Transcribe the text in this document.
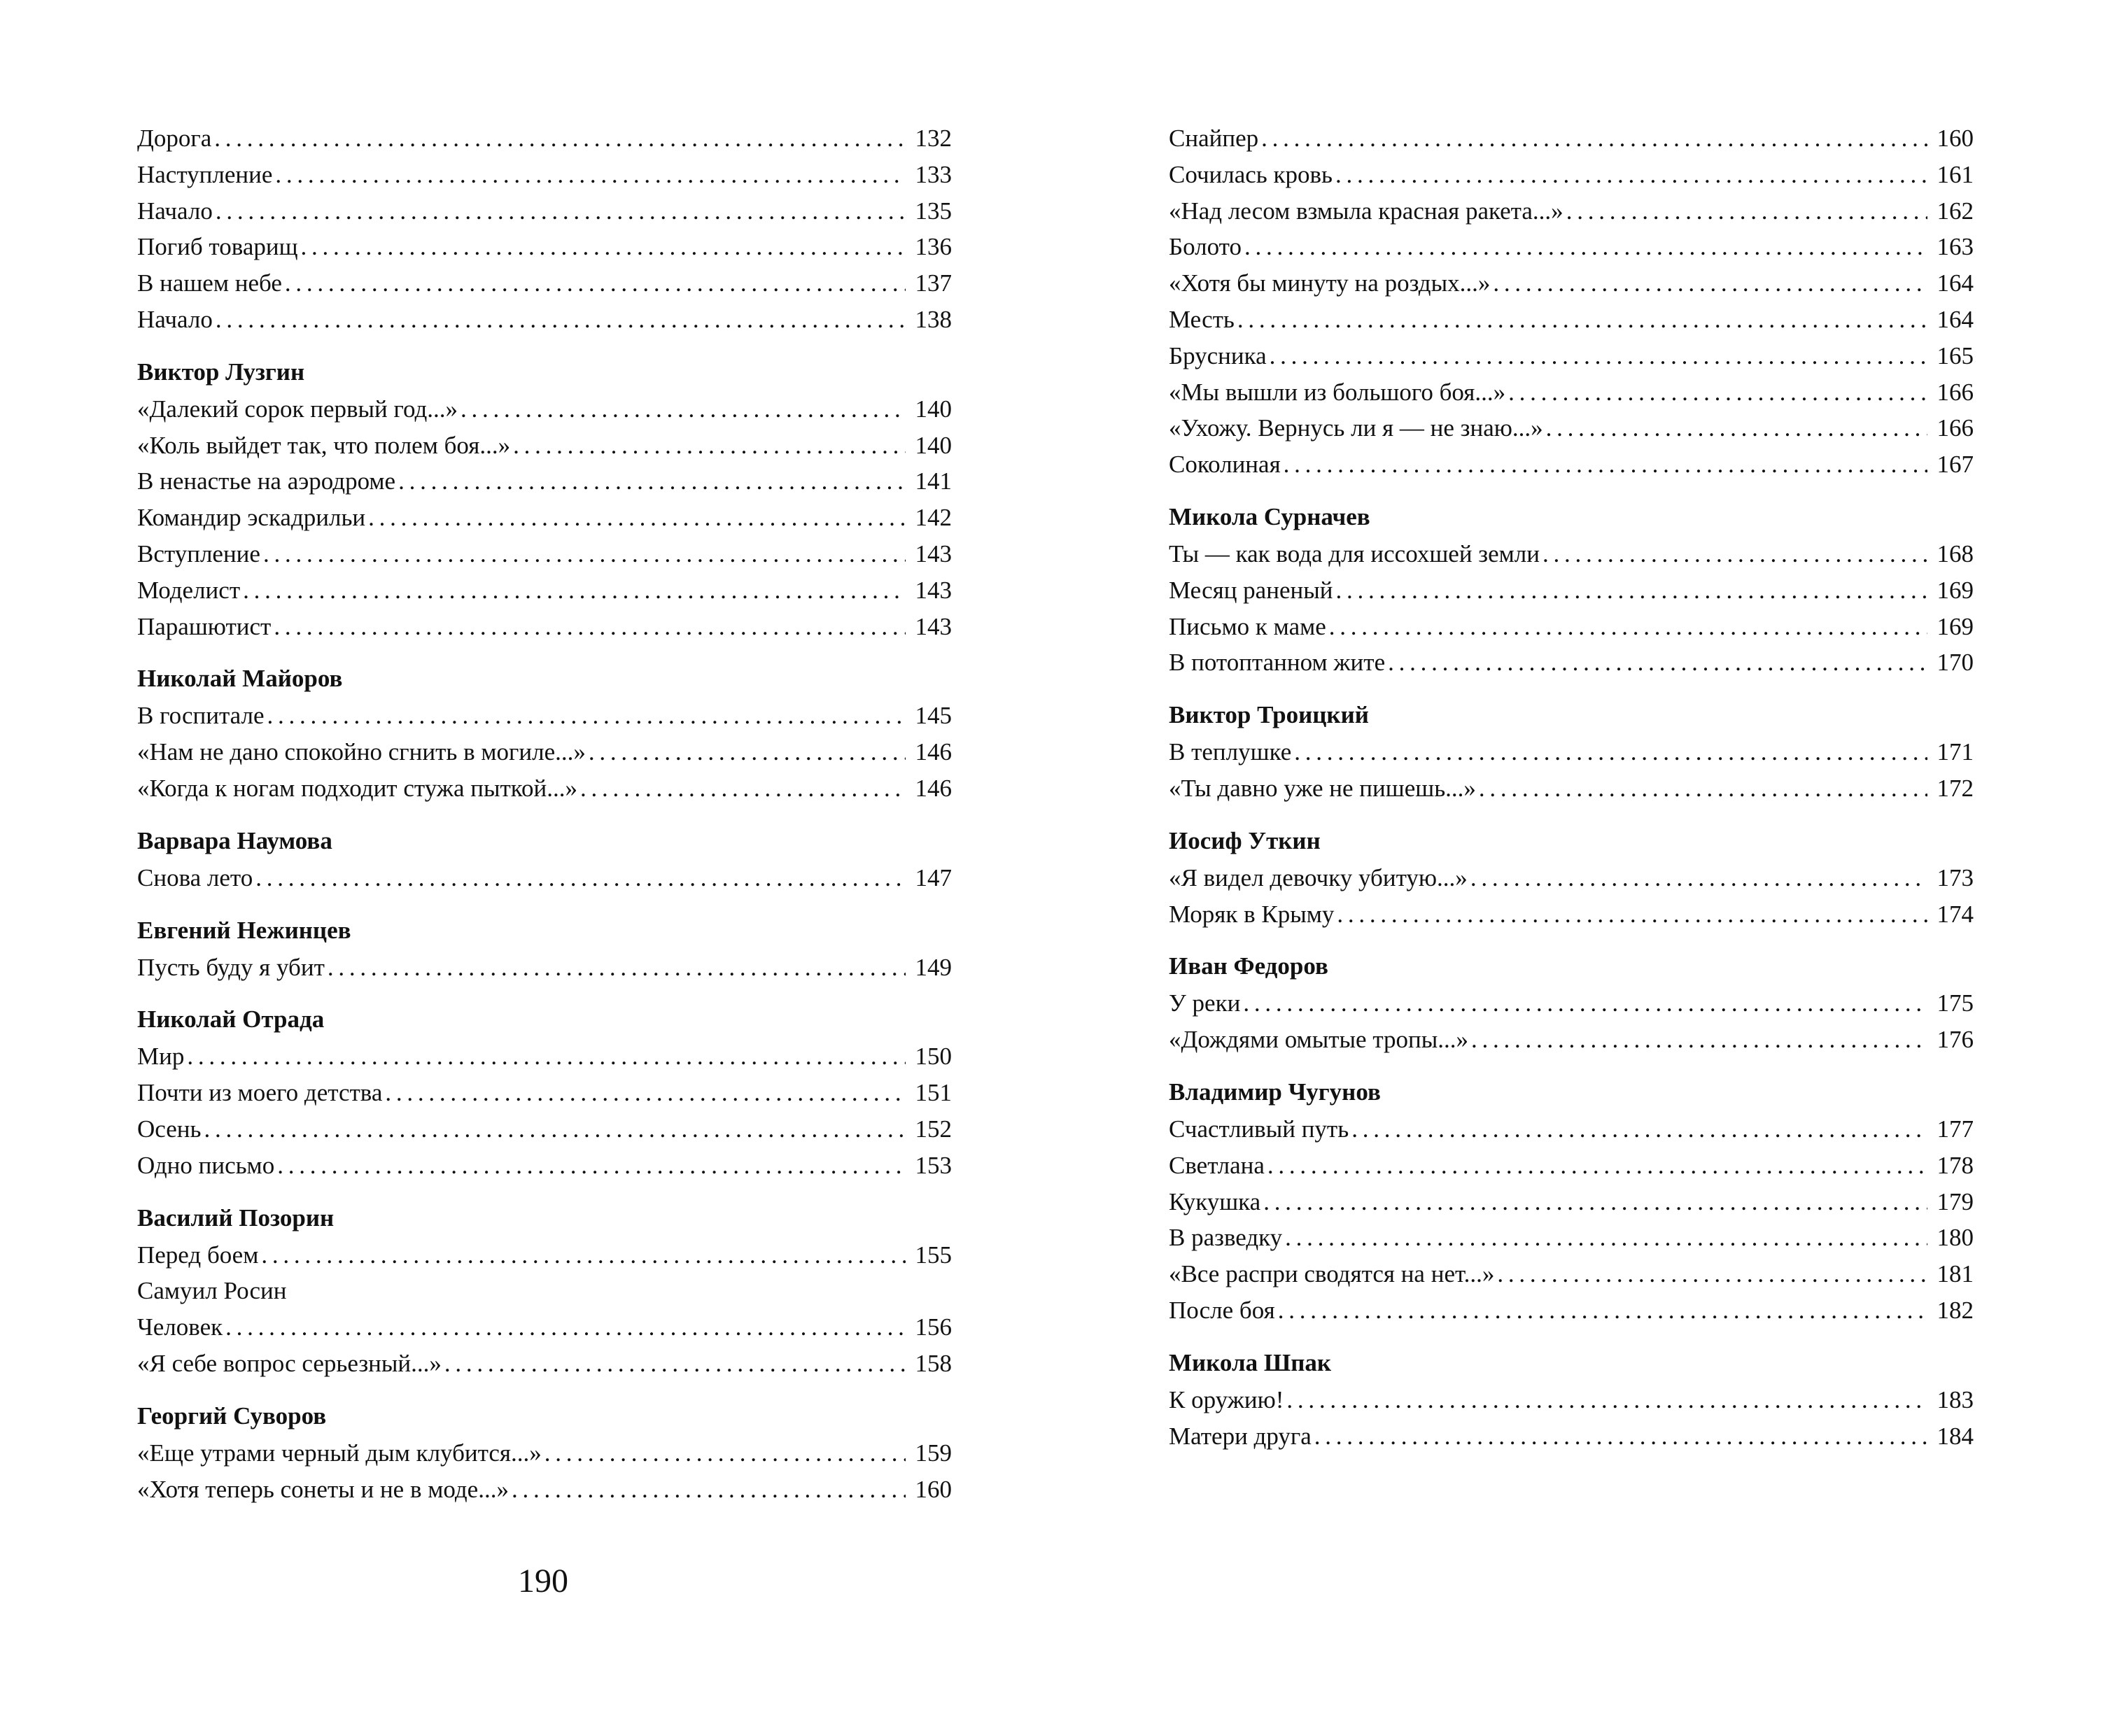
Дорога . . .	132
Наступление . . .	133
Начало . . .	135
Погиб товарищ . . .	136
В нашем небе . . .	137
Начало . . .	138
Виктор Лузгин
«Далекий сорок первый год...» . . .	140
«Коль выйдет так, что полем боя...» . . .	140
В ненастье на аэродроме . . .	141
Командир эскадрильи . . .	142
Вступление . . .	143
Моделист . . .	143
Парашютист . . .	143
Николай Майоров
В госпитале . . .	145
«Нам не дано спокойно сгнить в могиле...» . . .	146
«Когда к ногам подходит стужа пыткой...» . . .	146
Варвара Наумова
Снова лето . . .	147
Евгений Нежинцев
Пусть буду я убит . . .	149
Николай Отрада
Мир . . .	150
Почти из моего детства . . .	151
Осень . . .	152
Одно письмо . . .	153
Василий Позорин
Перед боем . . .	155
Самуил Росин
Человек . . .	156
«Я себе вопрос серьезный...» . . .	158
Георгий Суворов
«Еще утрами черный дым клубится...» . . .	159
«Хотя теперь сонеты и не в моде...» . . .	160
Снайпер . . .	160
Сочилась кровь . . .	161
«Над лесом взмыла красная ракета...» . . .	162
Болото . . .	163
«Хотя бы минуту на роздых...» . . .	164
Месть . . .	164
Брусника . . .	165
«Мы вышли из большого боя...» . . .	166
«Ухожу. Вернусь ли я — не знаю...» . . .	166
Соколиная . . .	167
Микола Сурначев
Ты — как вода для иссохшей земли . . .	168
Месяц раненый . . .	169
Письмо к маме . . .	169
В потоптанном жите . . .	170
Виктор Троицкий
В теплушке . . .	171
«Ты давно уже не пишешь...» . . .	172
Иосиф Уткин
«Я видел девочку убитую...» . . .	173
Моряк в Крыму . . .	174
Иван Федоров
У реки . . .	175
«Дождями омытые тропы...» . . .	176
Владимир Чугунов
Счастливый путь . . .	177
Светлана . . .	178
Кукушка . . .	179
В разведку . . .	180
«Все распри сводятся на нет...» . . .	181
После боя . . .	182
Микола Шпак
К оружию! . . .	183
Матери друга . . .	184
190
